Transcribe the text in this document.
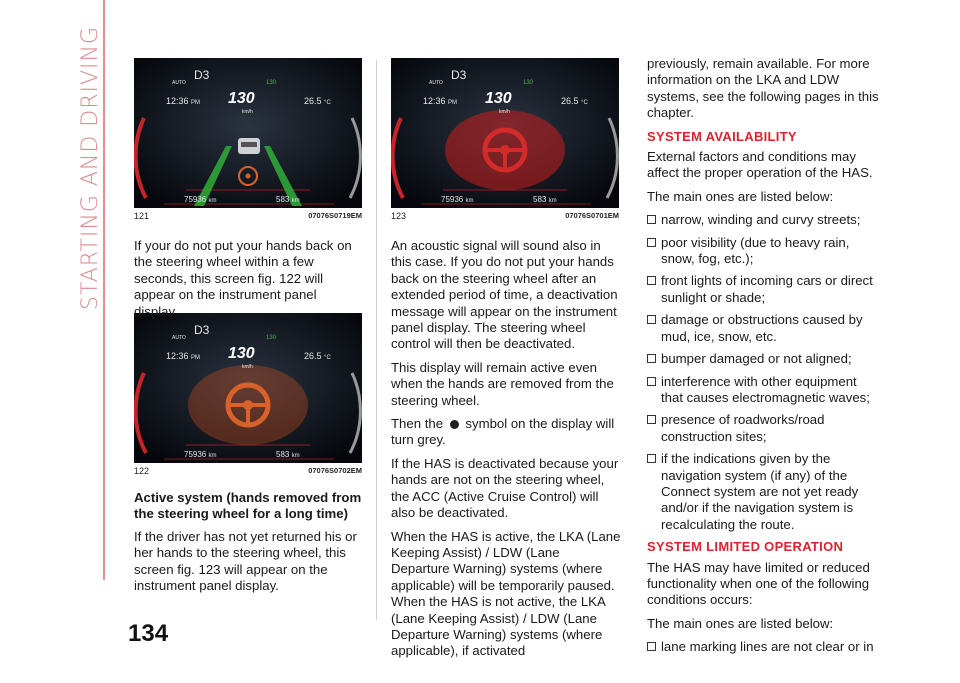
STARTING AND DRIVING	D3
AUTO	130
12:36 PM 130
km/h
26.5 °C
75936 km	583 km
121	07076S0719EM
D3
AUTO	130
12:36 PM 130
km/h
26.5 °C
75936 km	583 km
122	07076S0702EM
D3
AUTO	130
12:36 PM 130
km/h
26.5 °C
75936 km	583 km
123	07076S0701EM

If your do not put your hands back on the steering wheel within a few seconds, this screen fig. 122 will appear on the instrument panel display.

Active system (hands removed from the steering wheel for a long time)

If the driver has not yet returned his or her hands to the steering wheel, this screen fig. 123 will appear on the instrument panel display.

An acoustic signal will sound also in this case. If you do not put your hands back on the steering wheel after an extended period of time, a deactivation message will appear on the instrument panel display. The steering wheel control will then be deactivated.

This display will remain active even when the hands are removed from the steering wheel.

Then the symbol on the display will turn grey.

If the HAS is deactivated because your hands are not on the steering wheel, the ACC (Active Cruise Control) will also be deactivated.

When the HAS is active, the LKA (Lane Keeping Assist) / LDW (Lane Departure Warning) systems (where applicable) will be temporarily paused. When the HAS is not active, the LKA (Lane Keeping Assist) / LDW (Lane Departure Warning) systems (where applicable), if activated

previously, remain available. For more information on the LKA and LDW systems, see the following pages in this chapter.

SYSTEM AVAILABILITY

External factors and conditions may affect the proper operation of the HAS.

The main ones are listed below:

narrow, winding and curvy streets;
poor visibility (due to heavy rain, snow, fog, etc.);
front lights of incoming cars or direct sunlight or shade;
damage or obstructions caused by mud, ice, snow, etc.
bumper damaged or not aligned;
interference with other equipment that causes electromagnetic waves;
presence of roadworks/road construction sites;
if the indications given by the navigation system (if any) of the Connect system are not yet ready and/or if the navigation system is recalculating the route.
SYSTEM LIMITED OPERATION

The HAS may have limited or reduced functionality when one of the following conditions occurs:

The main ones are listed below:

lane marking lines are not clear or in
134
